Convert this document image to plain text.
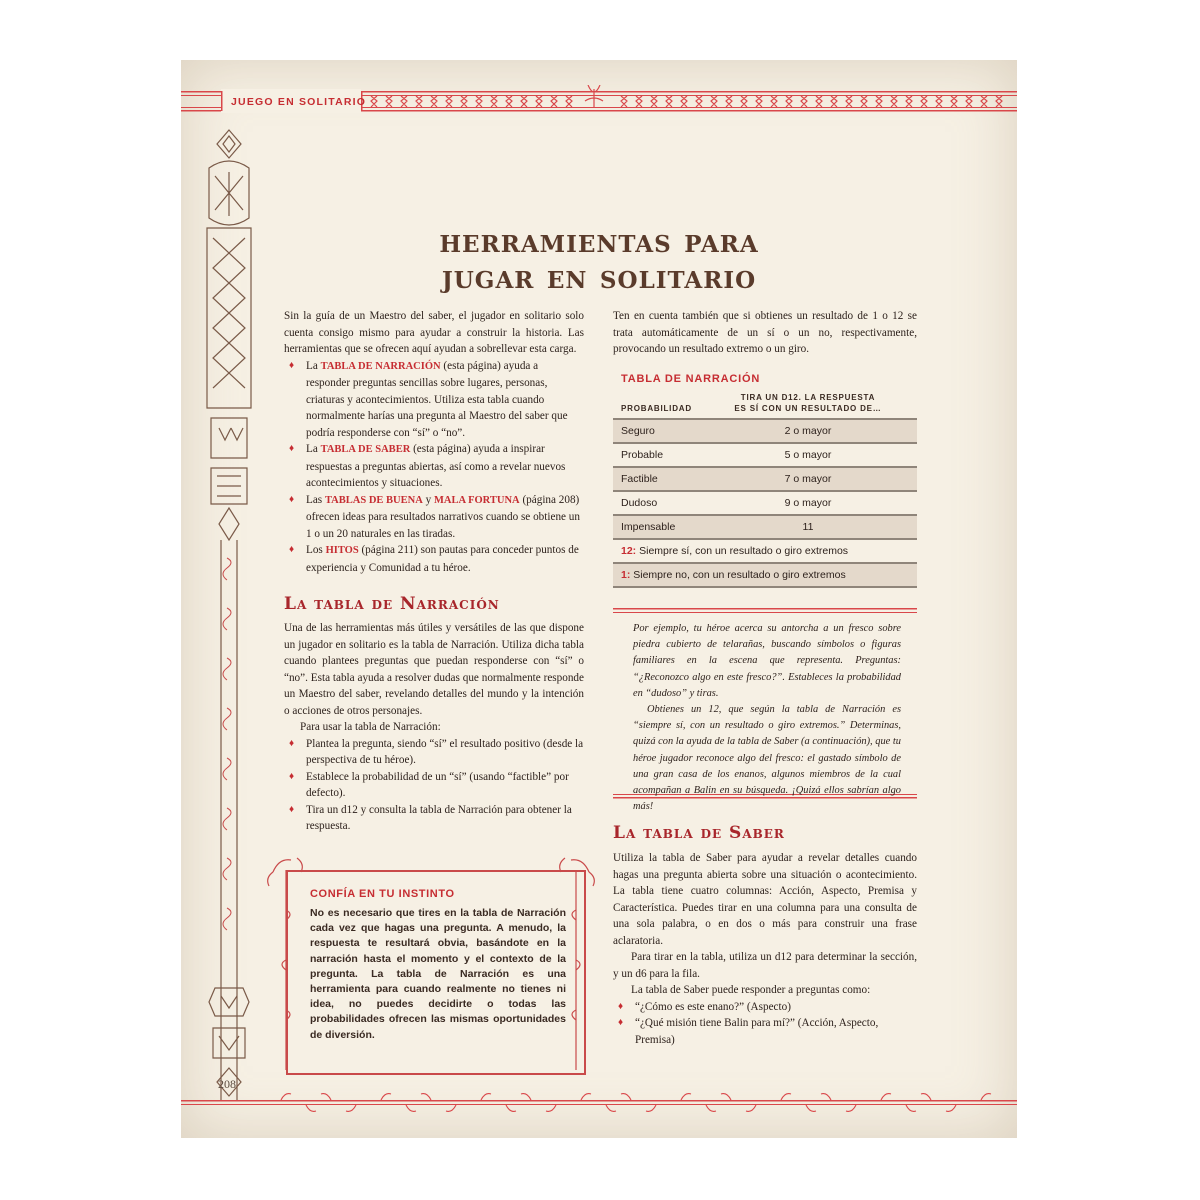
JUEGO EN SOLITARIO
208
herramientas para
jugar en solitario
Sin la guía de un Maestro del saber, el jugador en solitario solo cuenta consigo mismo para ayudar a construir la historia. Las herramientas que se ofrecen aquí ayudan a sobrellevar esta carga.
♦ La TABLA DE NARRACIÓN (esta página) ayuda a responder preguntas sencillas sobre lugares, personas, criaturas y acontecimientos. Utiliza esta tabla cuando normalmente harías una pregunta al Maestro del saber que podría responderse con “sí” o “no”.
♦ La TABLA DE SABER (esta página) ayuda a inspirar respuestas a preguntas abiertas, así como a revelar nuevos acontecimientos y situaciones.
♦ Las TABLAS DE BUENA y MALA FORTUNA (página 208) ofrecen ideas para resultados narrativos cuando se obtiene un 1 o un 20 naturales en las tiradas.
♦ Los HITOS (página 211) son pautas para conceder puntos de experiencia y Comunidad a tu héroe.
La tabla de Narración
Una de las herramientas más útiles y versátiles de las que dispone un jugador en solitario es la tabla de Narración. Utiliza dicha tabla cuando plantees preguntas que puedan responderse con “sí” o “no”. Esta tabla ayuda a resolver dudas que normalmente responde un Maestro del saber, revelando detalles del mundo y la intención o acciones de otros personajes.
Para usar la tabla de Narración:
♦ Plantea la pregunta, siendo “sí” el resultado positivo (desde la perspectiva de tu héroe).
♦ Establece la probabilidad de un “sí” (usando “factible” por defecto).
♦ Tira un d12 y consulta la tabla de Narración para obtener la respuesta.
CONFÍA EN TU INSTINTO
No es necesario que tires en la tabla de Narración cada vez que hagas una pregunta. A menudo, la respuesta te resultará obvia, basándote en la narración hasta el momento y el contexto de la pregunta. La tabla de Narración es una herramienta para cuando realmente no tienes ni idea, no puedes decidirte o todas las probabilidades ofrecen las mismas oportunidades de diversión.
Ten en cuenta también que si obtienes un resultado de 1 o 12 se trata automáticamente de un sí o un no, respectivamente, provocando un resultado extremo o un giro.
TABLA DE NARRACIÓN
PROBABILIDAD
TIRA UN D12. LA RESPUESTA
ES SÍ CON UN RESULTADO DE…
Seguro	2 o mayor
Probable	5 o mayor
Factible	7 o mayor
Dudoso	9 o mayor
Impensable	11
12: Siempre sí, con un resultado o giro extremos
1: Siempre no, con un resultado o giro extremos
Por ejemplo, tu héroe acerca su antorcha a un fresco sobre piedra cubierto de telarañas, buscando símbolos o figuras familiares en la escena que representa. Preguntas: “¿Reconozco algo en este fresco?”. Estableces la probabilidad en “dudoso” y tiras.
Obtienes un 12, que según la tabla de Narración es “siempre sí, con un resultado o giro extremos.” Determinas, quizá con la ayuda de la tabla de Saber (a continuación), que tu héroe jugador reconoce algo del fresco: el gastado símbolo de una gran casa de los enanos, algunos miembros de la cual acompañan a Balin en su búsqueda. ¡Quizá ellos sabrían algo más!
La tabla de Saber
Utiliza la tabla de Saber para ayudar a revelar detalles cuando hagas una pregunta abierta sobre una situación o acontecimiento. La tabla tiene cuatro columnas: Acción, Aspecto, Premisa y Característica. Puedes tirar en una columna para una consulta de una sola palabra, o en dos o más para construir una frase aclaratoria.
Para tirar en la tabla, utiliza un d12 para determinar la sección, y un d6 para la fila.
La tabla de Saber puede responder a preguntas como:
♦ “¿Cómo es este enano?” (Aspecto)
♦ “¿Qué misión tiene Balin para mí?” (Acción, Aspecto, Premisa)
